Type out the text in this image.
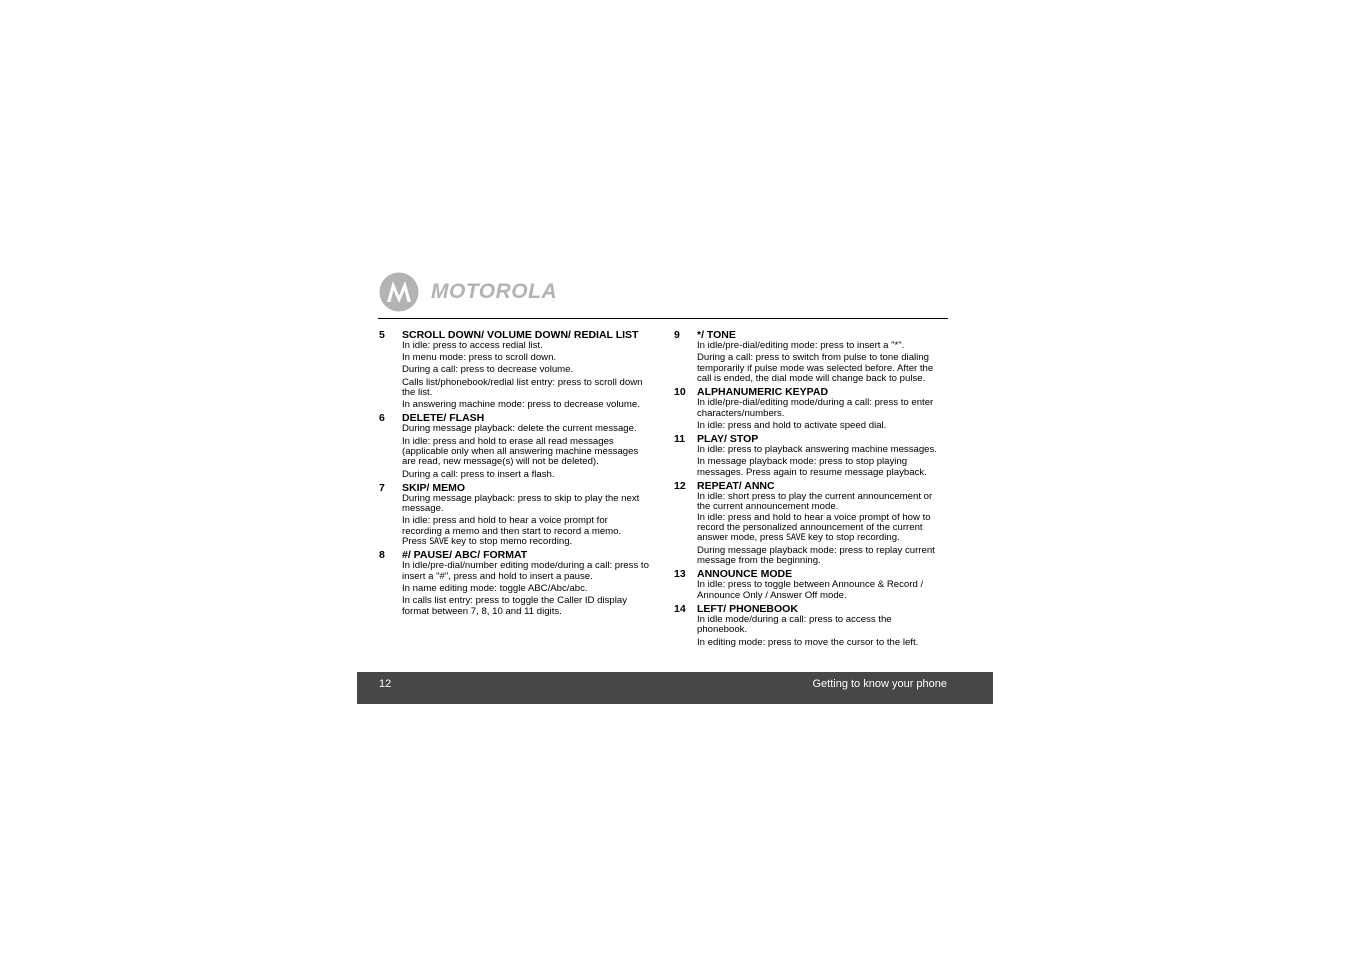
MOTOROLA
5 SCROLL DOWN/ VOLUME DOWN/ REDIAL LIST

In idle: press to access redial list.

In menu mode: press to scroll down.

During a call: press to decrease volume.

Calls list/phonebook/redial list entry: press to scroll down the list.

In answering machine mode: press to decrease volume.

6 DELETE/ FLASH

During message playback: delete the current message.

In idle: press and hold to erase all read messages (applicable only when all answering machine messages are read, new message(s) will not be deleted).

During a call: press to insert a flash.

7 SKIP/ MEMO

During message playback: press to skip to play the next message.

In idle: press and hold to hear a voice prompt for recording a memo and then start to record a memo.
Press SAVE key to stop memo recording.

8 #/ PAUSE/ ABC/ FORMAT

In idle/pre-dial/number editing mode/during a call: press to insert a "#", press and hold to insert a pause.

In name editing mode: toggle ABC/Abc/abc.

In calls list entry: press to toggle the Caller ID display format between 7, 8, 10 and 11 digits.

9 */ TONE

In idle/pre-dial/editing mode: press to insert a "*".

During a call: press to switch from pulse to tone dialing temporarily if pulse mode was selected before. After the call is ended, the dial mode will change back to pulse.

10 ALPHANUMERIC KEYPAD

In idle/pre-dial/editing mode/during a call: press to enter characters/numbers.

In idle: press and hold to activate speed dial.

11 PLAY/ STOP

In idle: press to playback answering machine messages.

In message playback mode: press to stop playing messages. Press again to resume message playback.

12 REPEAT/ ANNC

In idle: short press to play the current announcement or the current announcement mode.
In idle: press and hold to hear a voice prompt of how to record the personalized announcement of the current answer mode, press SAVE key to stop recording.

During message playback mode: press to replay current message from the beginning.

13 ANNOUNCE MODE

In idle: press to toggle between Announce & Record / Announce Only / Answer Off mode.

14 LEFT/ PHONEBOOK

In idle mode/during a call: press to access the phonebook.

In editing mode: press to move the cursor to the left.

12	Getting to know your phone
